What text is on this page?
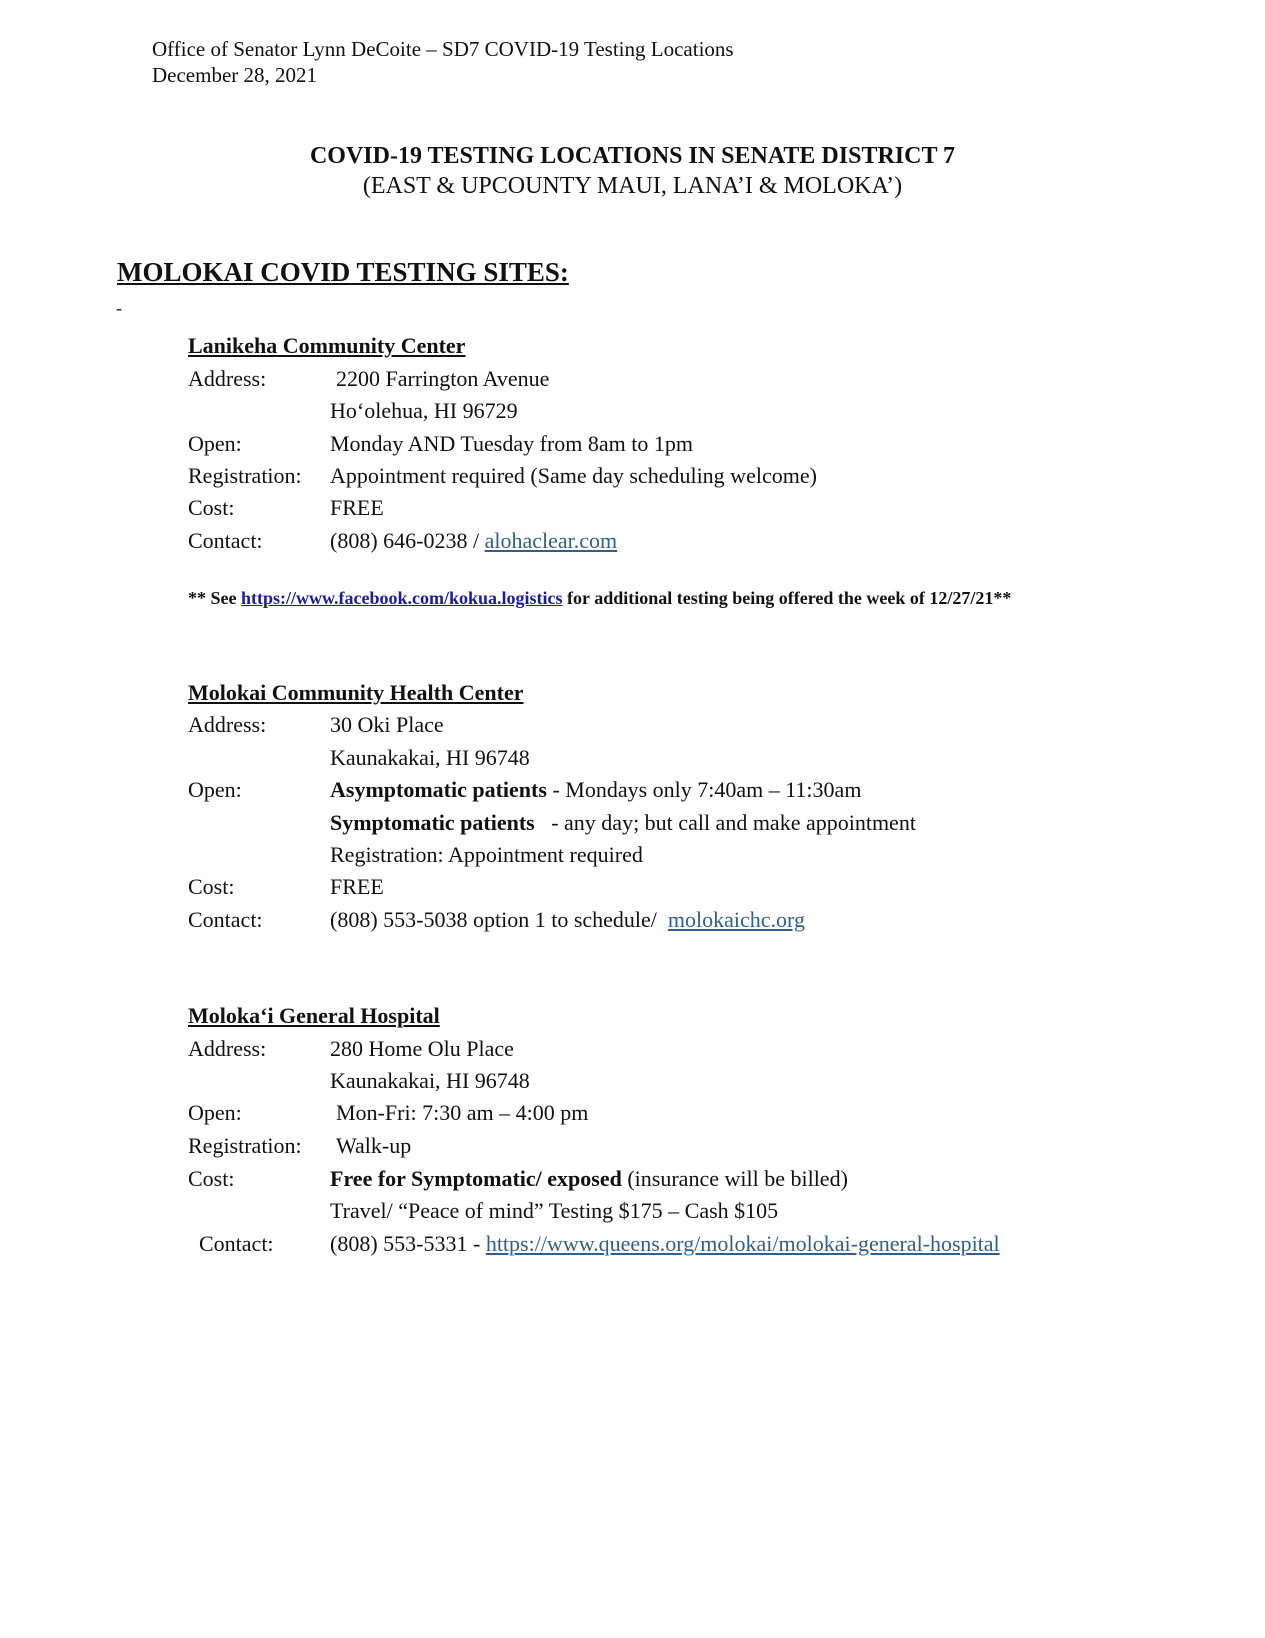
Office of Senator Lynn DeCoite – SD7 COVID-19 Testing Locations
December 28, 2021
COVID-19 TESTING LOCATIONS IN SENATE DISTRICT 7
(EAST & UPCOUNTY MAUI, LANA’I & MOLOKA’)
MOLOKAI COVID TESTING SITES:
-
Lanikeha Community Center
Address:	2200 Farrington Avenue
Ho‘olehua, HI 96729
Open:	Monday AND Tuesday from 8am to 1pm
Registration: Appointment required (Same day scheduling welcome)
Cost:	FREE
Contact:	(808) 646-0238 / alohaclear.com
** See https://www.facebook.com/kokua.logistics for additional testing being offered the week of 12/27/21**
Molokai Community Health Center
Address:	30 Oki Place
Kaunakakai, HI 96748
Open:	Asymptomatic patients - Mondays only 7:40am – 11:30am
Symptomatic patients   - any day; but call and make appointment
Registration: Appointment required
Cost:	FREE
Contact:	(808) 553-5038 option 1 to schedule/  molokaichc.org
Moloka‘i General Hospital
Address:	280 Home Olu Place
Kaunakakai, HI 96748
Open:	Mon-Fri: 7:30 am – 4:00 pm
Registration: Walk-up
Cost:	Free for Symptomatic/ exposed (insurance will be billed)
Travel/ “Peace of mind” Testing $175 – Cash $105
Contact:	(808) 553-5331 - https://www.queens.org/molokai/molokai-general-hospital
